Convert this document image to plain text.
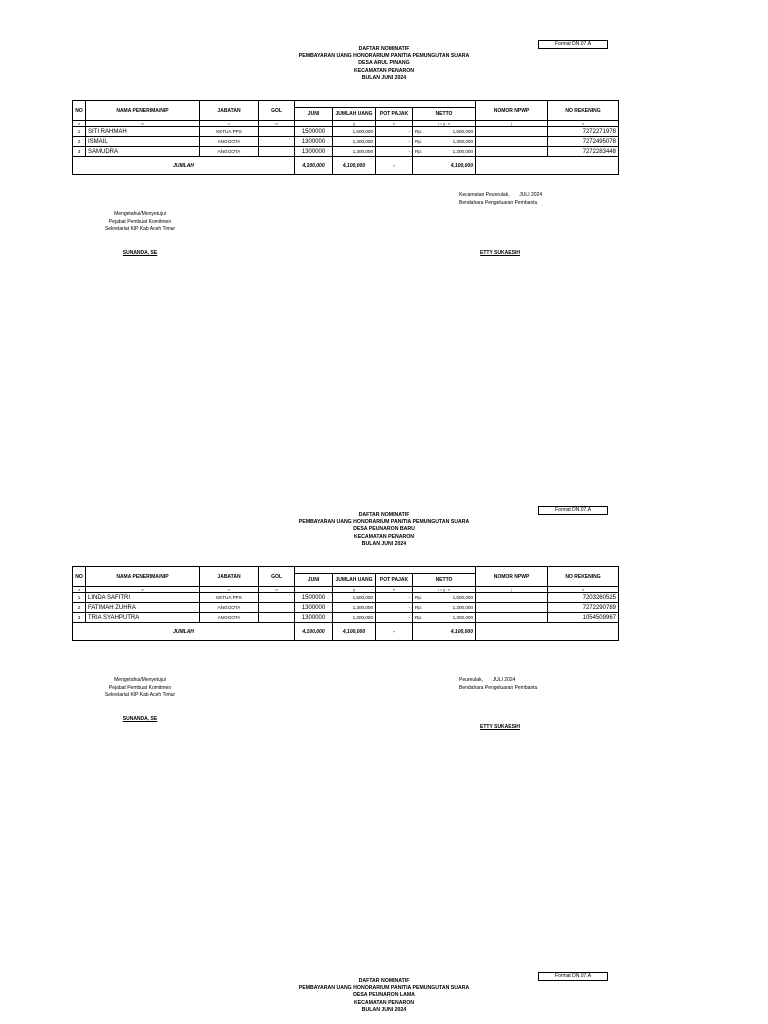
Format DN.07.A
DAFTAR NOMINATIF
PEMBAYARAN UANG HONORARIUM PANITIA PEMUNGUTAN SUARA
DESA ARUL PINANG
KECAMATAN PENARON
BULAN JUNI 2024
NO	NAMA PENERIMA/NIP	JABATAN	GOL					NOMOR NPWP	NO REKENING
				JUNI	JUMLAH UANG	POT PAJAK	NETTO		
a	b	c	d		g	h	i = g - h	j	k
1	SITI RAHMAH	KETUA PPS		1500000	1,500,000	-	Rp. 1,500,000		7272271978
2	ISMAIL	ANGGOTA		1300000	1,300,000	-	Rp. 1,300,000		7272495078
3	SAMUDRA	ANGGOTA		1300000	1,300,000	-	Rp. 1,300,000		7272283448
JUMLAH				4,100,000	4,100,000	-	4,100,000		
Kecamatan Peureulak,       JULI 2024
Bendahara Pengeluaran Pembantu
Mengetahui/Menyetujui
Pejabat Pembuat Komitmen
Sekretariat KIP Kab Aceh Timur
SUNANDA, SE	ETTY SUKAESIH
Format DN.07.A
DAFTAR NOMINATIF
PEMBAYARAN UANG HONORARIUM PANITIA PEMUNGUTAN SUARA
DESA PEUNARON BARU
KECAMATAN PENARON
BULAN JUNI 2024
NO	NAMA PENERIMA/NIP	JABATAN	GOL					NOMOR NPWP	NO REKENING
				JUNI	JUMLAH UANG	POT PAJAK	NETTO		
a	b	c	d		g	h	i = g - h	j	k
1	LINDA SAFITRI	KETUA PPS		1500000	1,500,000	-	Rp. 1,500,000		7203260525
2	FATIMAH ZUHRA	ANGGOTA		1300000	1,300,000	-	Rp. 1,300,000		7272290789
3	TRIA SYAHPUTRA	ANGGOTA		1300000	1,300,000	-	Rp. 1,300,000		1054509967
JUMLAH				4,100,000	4,100,000	-	4,100,000		
Peureulak,       JULI 2024
Bendahara Pengeluaran Pembantu
Mengetahui/Menyetujui
Pejabat Pembuat Komitmen
Sekretariat KIP Kab Aceh Timur
SUNANDA, SE
ETTY SUKAESIH
Format DN.07.A
DAFTAR NOMINATIF
PEMBAYARAN UANG HONORARIUM PANITIA PEMUNGUTAN SUARA
DESA PEUNARON LAMA
KECAMATAN PENARON
BULAN JUNI 2024
